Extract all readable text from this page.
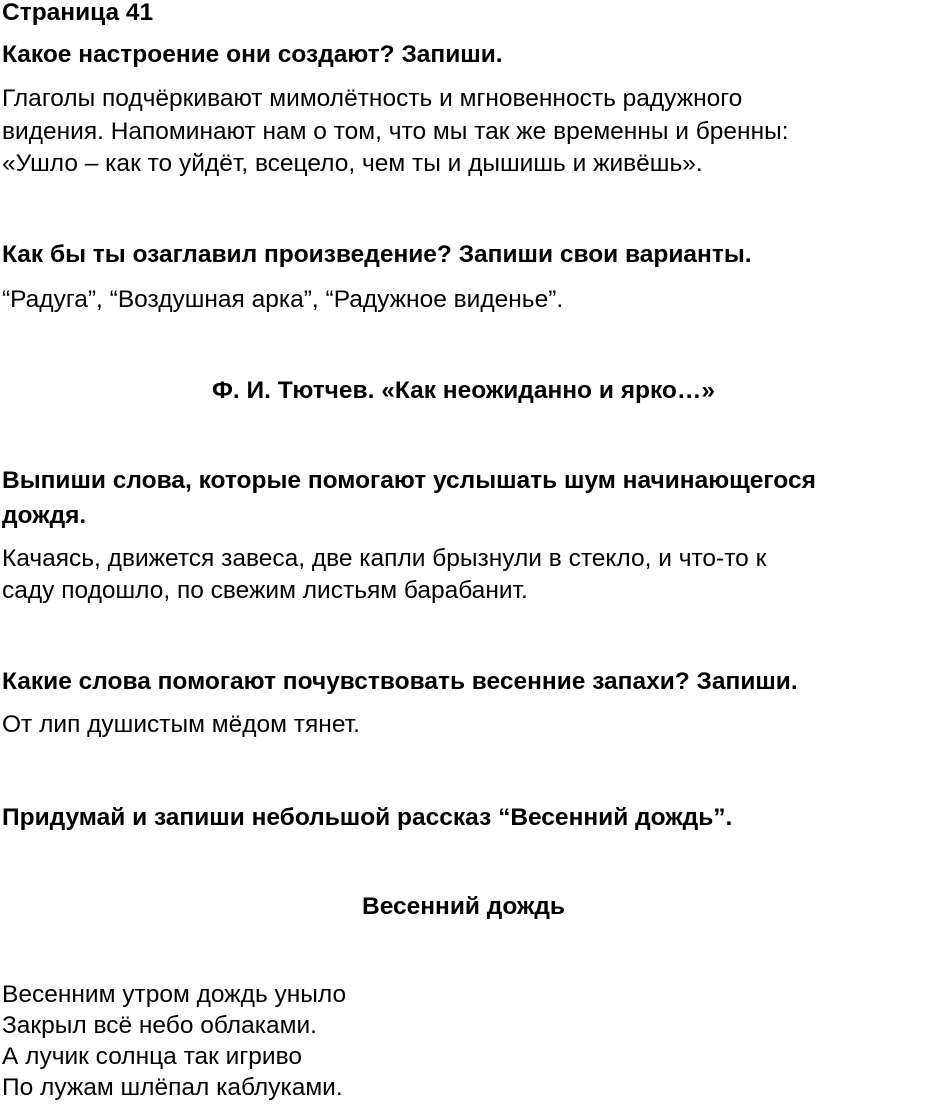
Страница 41
Какое настроение они создают? Запиши.
Глаголы подчёркивают мимолётность и мгновенность радужного
видения. Напоминают нам о том, что мы так же временны и бренны:
«Ушло – как то уйдёт, всецело, чем ты и дышишь и живёшь».
Как бы ты озаглавил произведение? Запиши свои варианты.
“Радуга”, “Воздушная арка”, “Радужное виденье”.
Ф. И. Тютчев. «Как неожиданно и ярко…»
Выпиши слова, которые помогают услышать шум начинающегося
дождя.
Качаясь, движется завеса, две капли брызнули в стекло, и что-то к
саду подошло, по свежим листьям барабанит.
Какие слова помогают почувствовать весенние запахи? Запиши.
От лип душистым мёдом тянет.
Придумай и запиши небольшой рассказ “Весенний дождь”.
Весенний дождь
Весенним утром дождь уныло
Закрыл всё небо облаками.
А лучик солнца так игриво
По лужам шлёпал каблуками.
